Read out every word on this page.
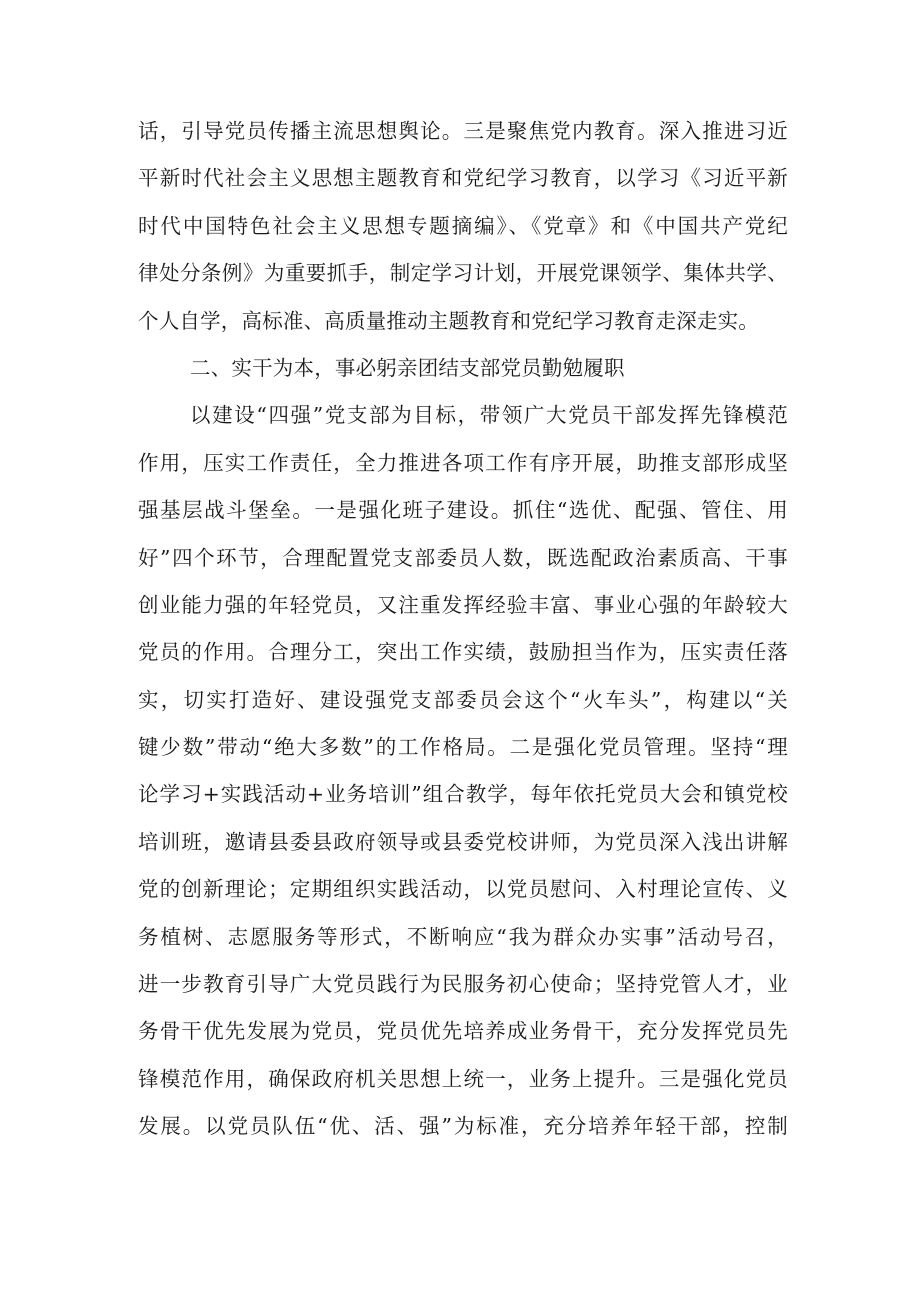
话，引导党员传播主流思想舆论。三是聚焦党内教育。深入推进习近
平新时代社会主义思想主题教育和党纪学习教育，以学习《习近平新
时代中国特色社会主义思想专题摘编》、《党章》和《中国共产党纪
律处分条例》为重要抓手，制定学习计划，开展党课领学、集体共学、
个人自学，高标准、高质量推动主题教育和党纪学习教育走深走实。
二、实干为本，事必躬亲团结支部党员勤勉履职
以建设“四强”党支部为目标，带领广大党员干部发挥先锋模范
作用，压实工作责任，全力推进各项工作有序开展，助推支部形成坚
强基层战斗堡垒。一是强化班子建设。抓住“选优、配强、管住、用
好”四个环节，合理配置党支部委员人数，既选配政治素质高、干事
创业能力强的年轻党员，又注重发挥经验丰富、事业心强的年龄较大
党员的作用。合理分工，突出工作实绩，鼓励担当作为，压实责任落
实，切实打造好、建设强党支部委员会这个“火车头”，构建以“关
键少数”带动“绝大多数”的工作格局。二是强化党员管理。坚持“理
论学习+实践活动+业务培训”组合教学，每年依托党员大会和镇党校
培训班，邀请县委县政府领导或县委党校讲师，为党员深入浅出讲解
党的创新理论；定期组织实践活动，以党员慰问、入村理论宣传、义
务植树、志愿服务等形式，不断响应“我为群众办实事”活动号召，
进一步教育引导广大党员践行为民服务初心使命；坚持党管人才，业
务骨干优先发展为党员，党员优先培养成业务骨干，充分发挥党员先
锋模范作用，确保政府机关思想上统一，业务上提升。三是强化党员
发展。以党员队伍“优、活、强”为标准，充分培养年轻干部，控制
